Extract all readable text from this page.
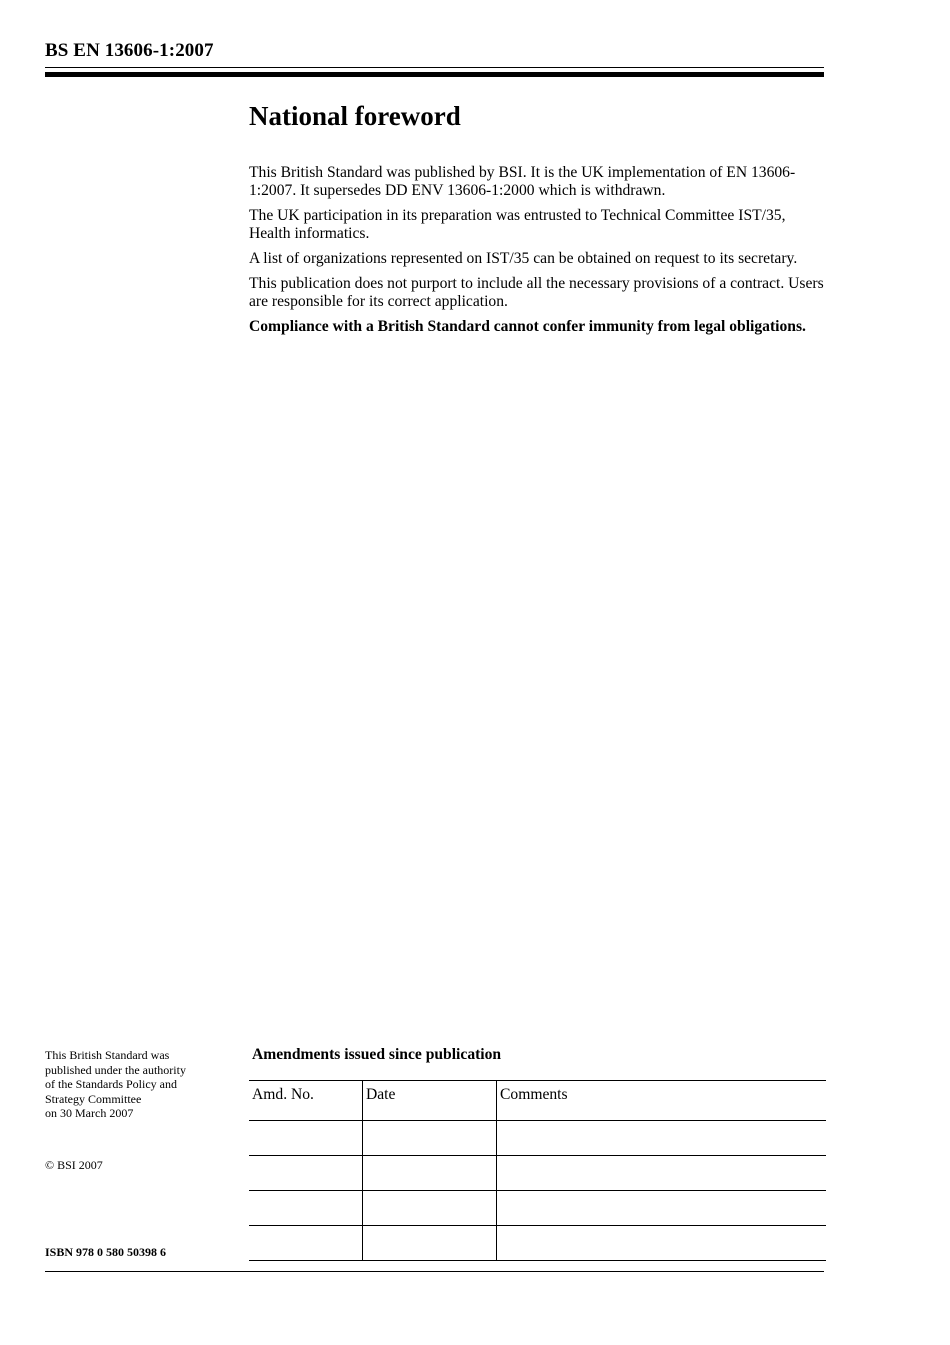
BS EN 13606-1:2007
National foreword

This British Standard was published by BSI. It is the UK implementation of EN 13606-1:2007. It supersedes DD ENV 13606-1:2000 which is withdrawn.

The UK participation in its preparation was entrusted to Technical Committee IST/35, Health informatics.

A list of organizations represented on IST/35 can be obtained on request to its secretary.

This publication does not purport to include all the necessary provisions of a contract. Users are responsible for its correct application.

Compliance with a British Standard cannot confer immunity from legal obligations.

This British Standard was
published under the authority
of the Standards Policy and
Strategy Committee
on 30 March 2007
© BSI 2007
ISBN 978 0 580 50398 6
Amendments issued since publication
Amd. No.	Date	Comments
